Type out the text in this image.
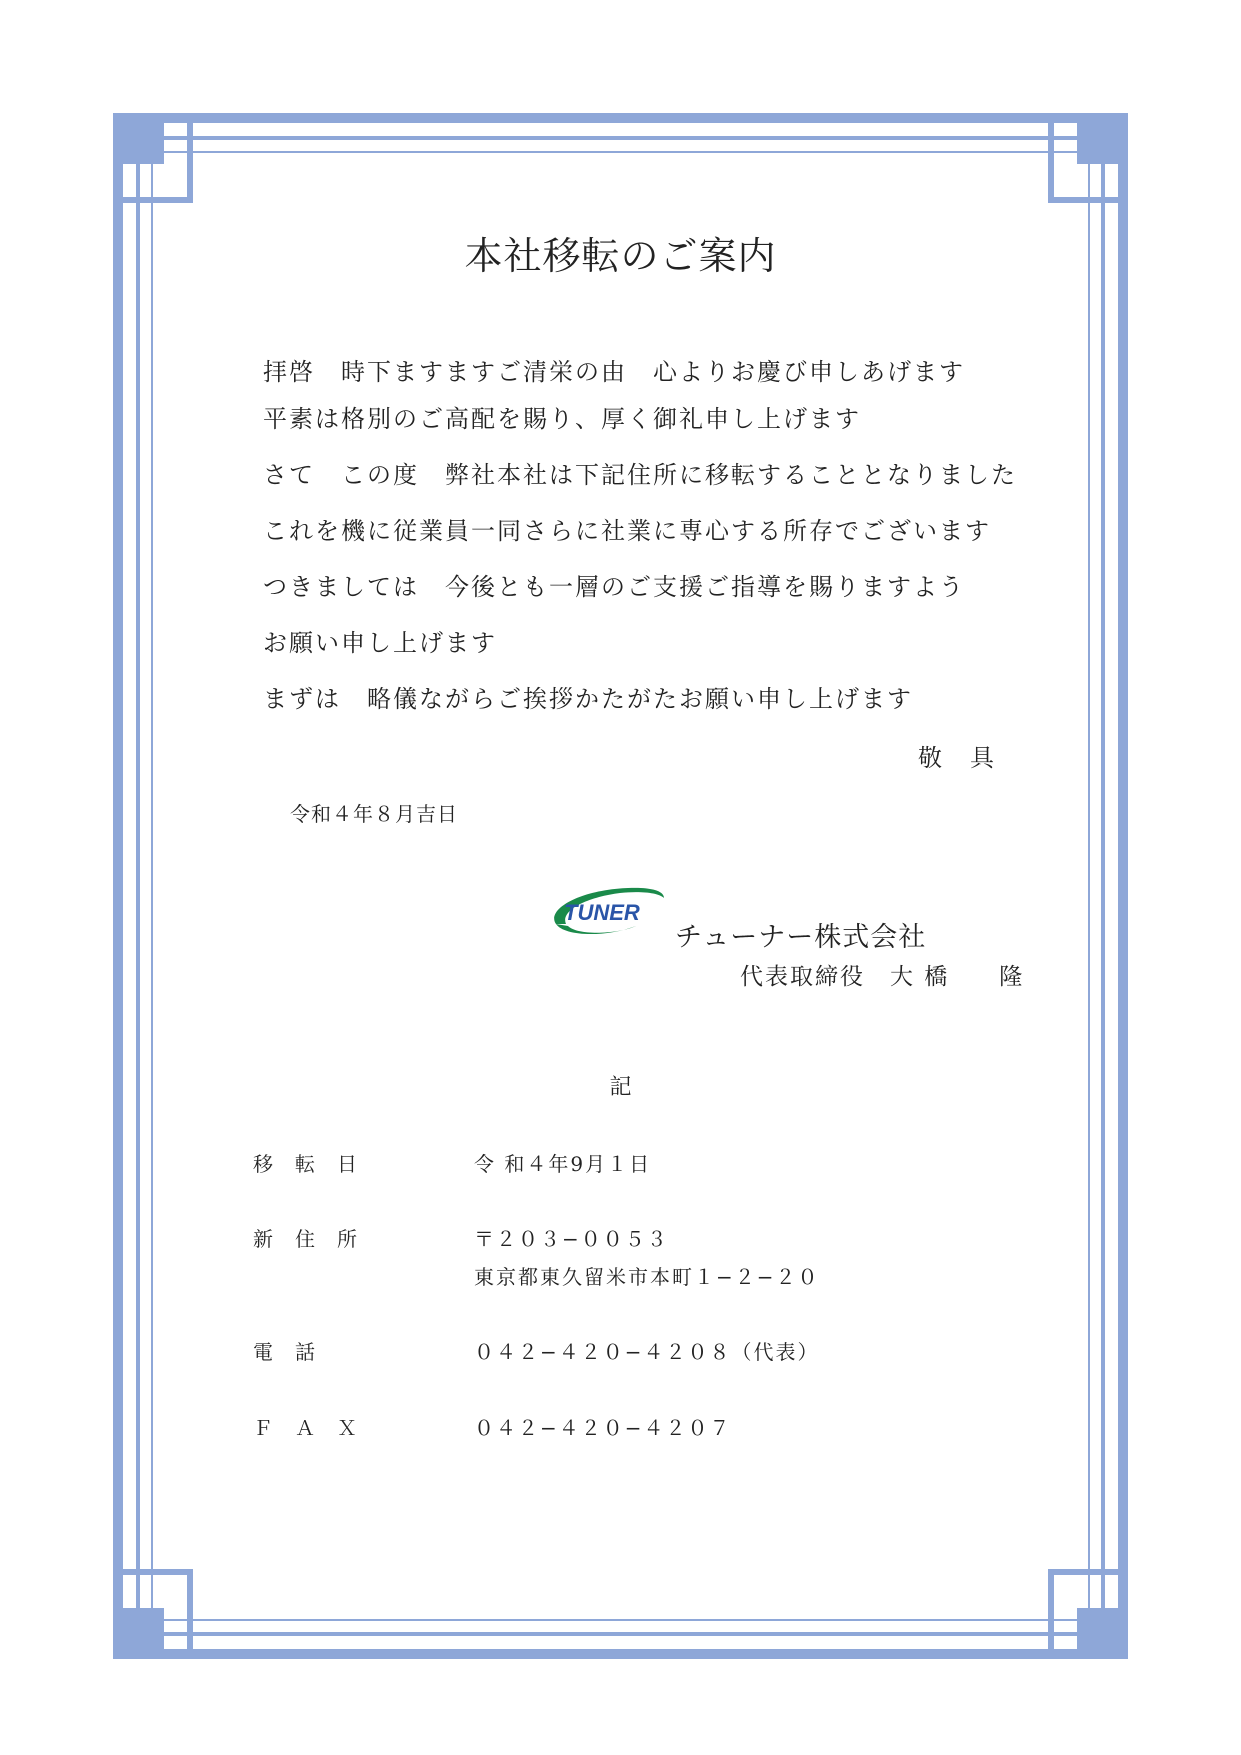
本社移転のご案内
拝啓　時下ますますご清栄の由　心よりお慶び申しあげます
平素は格別のご高配を賜り、厚く御礼申し上げます
さて　この度　弊社本社は下記住所に移転することとなりました
これを機に従業員一同さらに社業に専心する所存でございます
つきましては　今後とも一層のご支援ご指導を賜りますよう
お願い申し上げます
まずは　略儀ながらご挨拶かたがたお願い申し上げます
敬　具
令和４年８月吉日
TUNER
チューナー株式会社
代表取締役　大 橋　　隆
記
移　転　日	令 和４年9月１日
新　住　所	〒２０３−００５３
東京都東久留米市本町１−２−２０
電　話	０４２−４２０−４２０８（代表）
Ｆ　Ａ　Ｘ	０４２−４２０−４２０７
